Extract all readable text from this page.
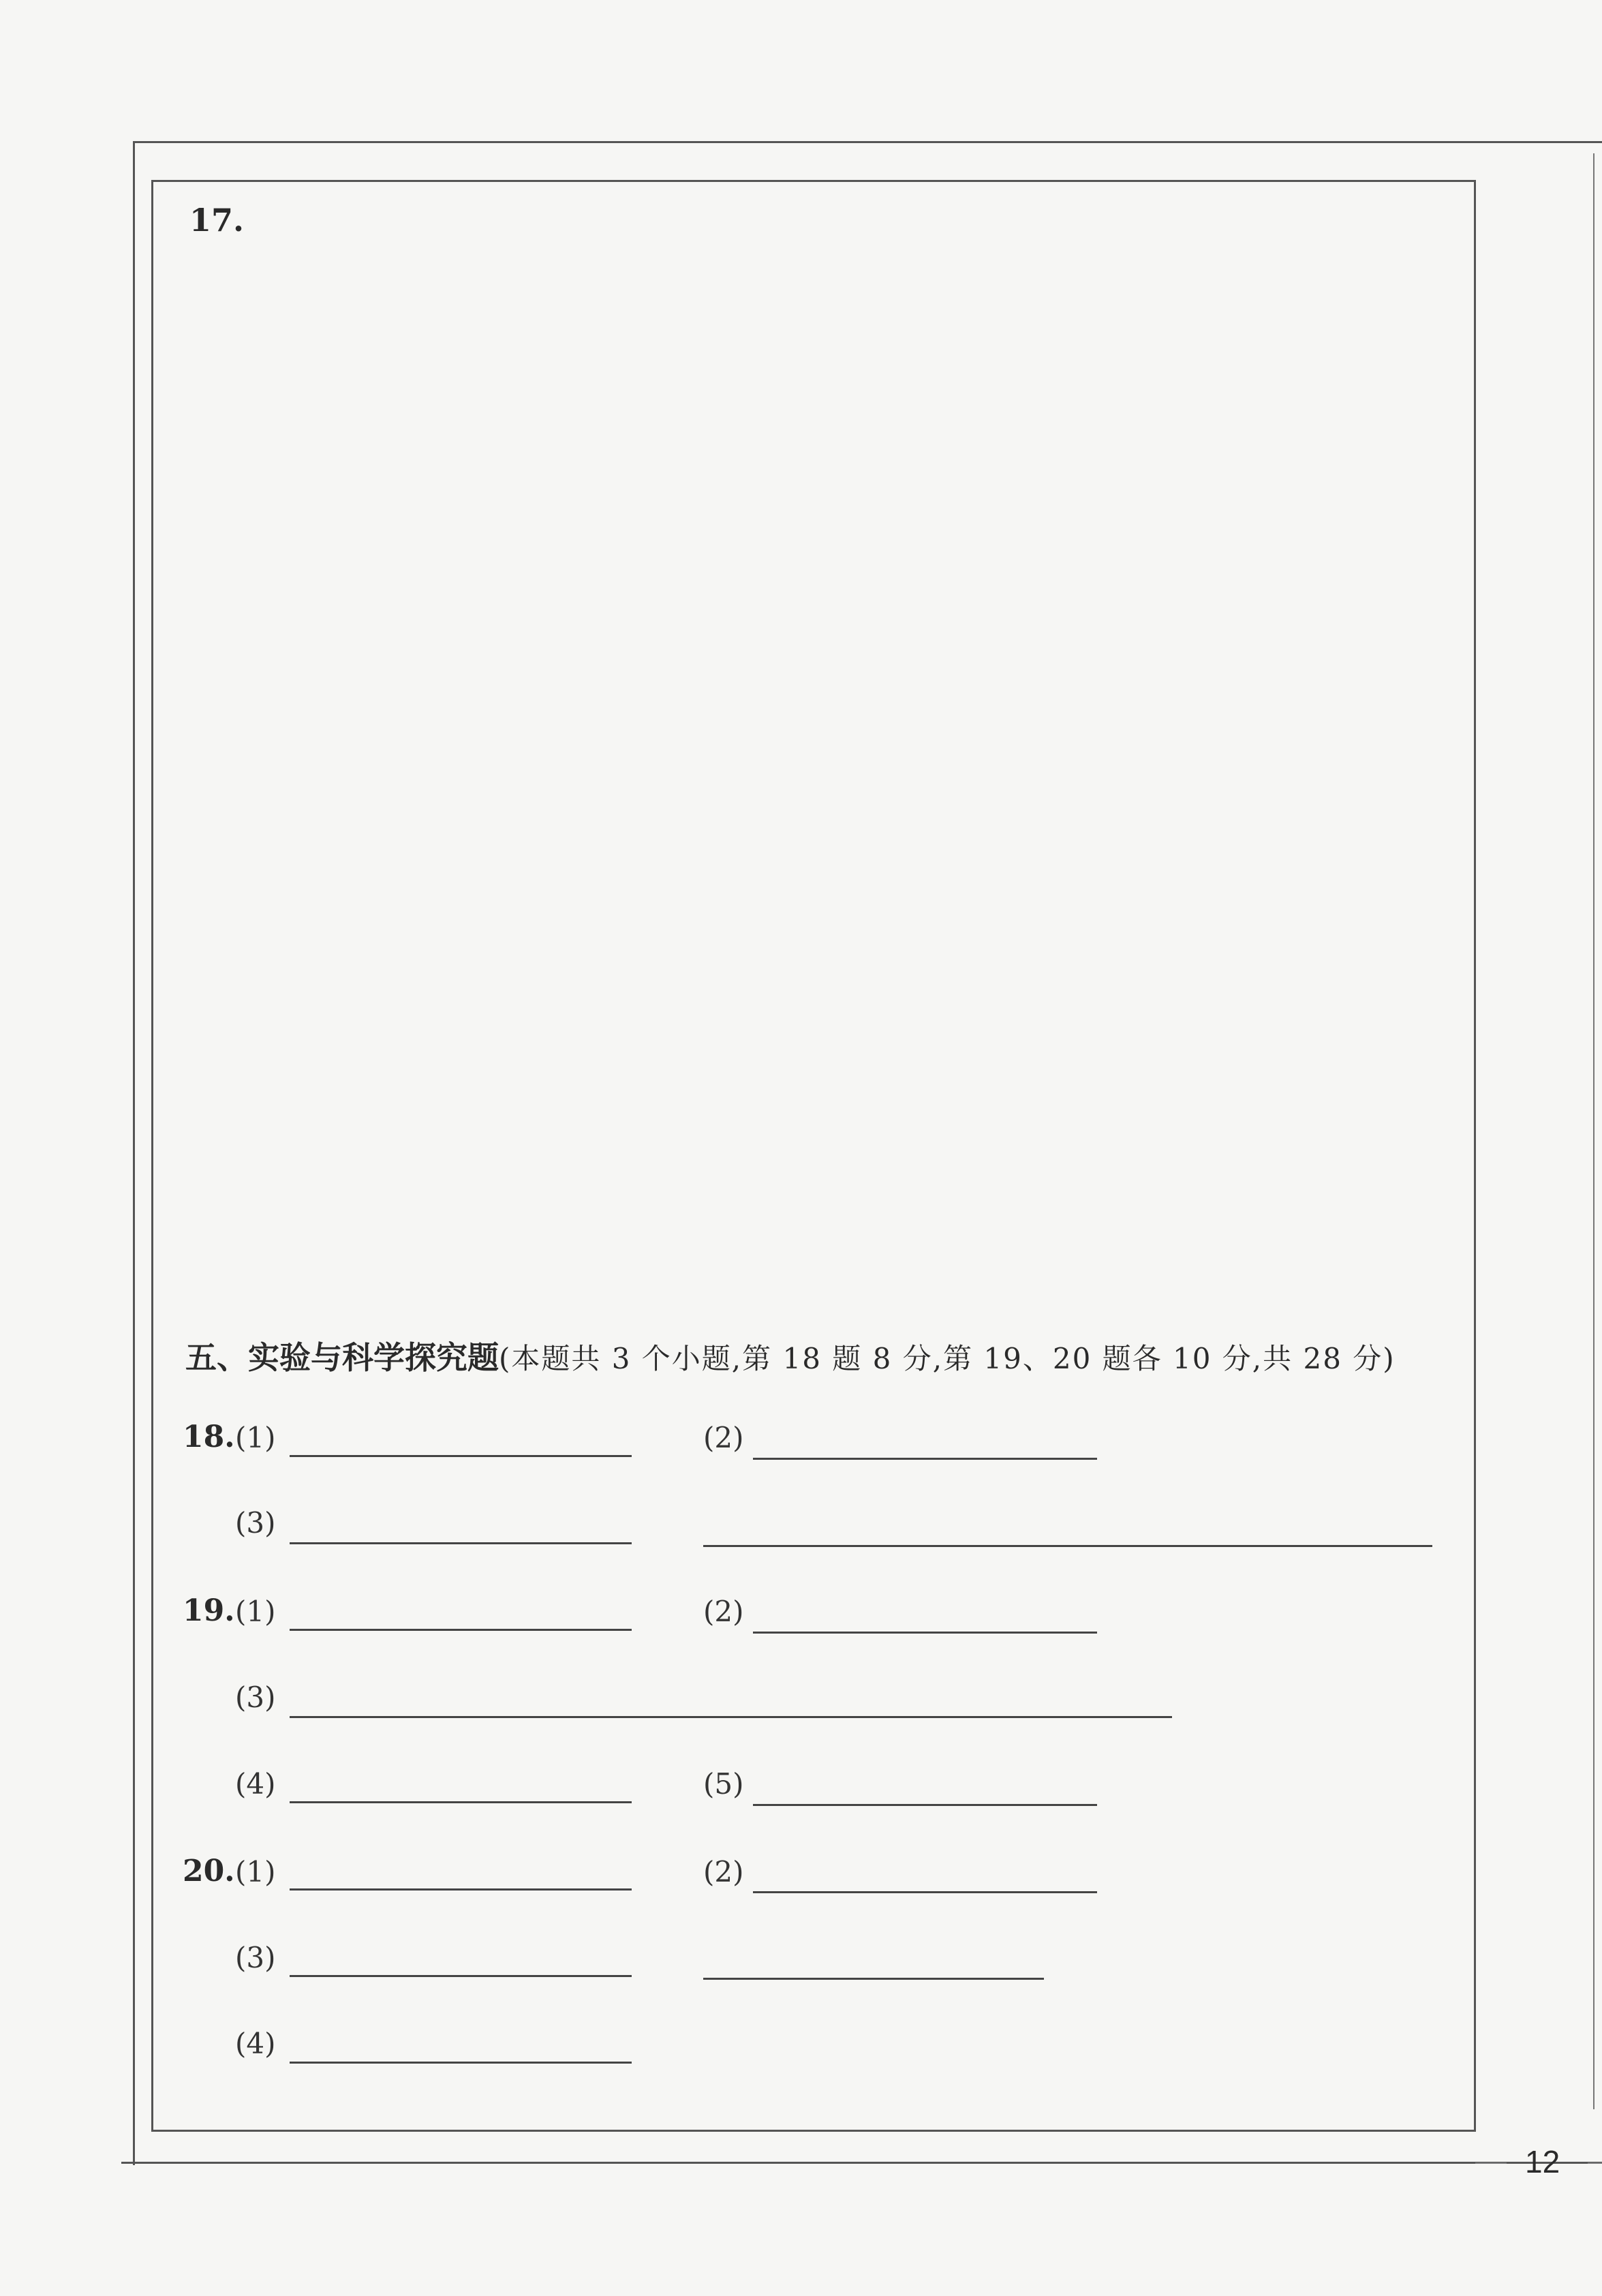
17.
五、实验与科学探究题(本题共 3 个小题,第 18 题 8 分,第 19、20 题各 10 分,共 28 分)
18. (1)	(2)
(3)
19. (1)	(2)
(3)
(4)	(5)
20. (1)	(2)
(3)
(4)
12
